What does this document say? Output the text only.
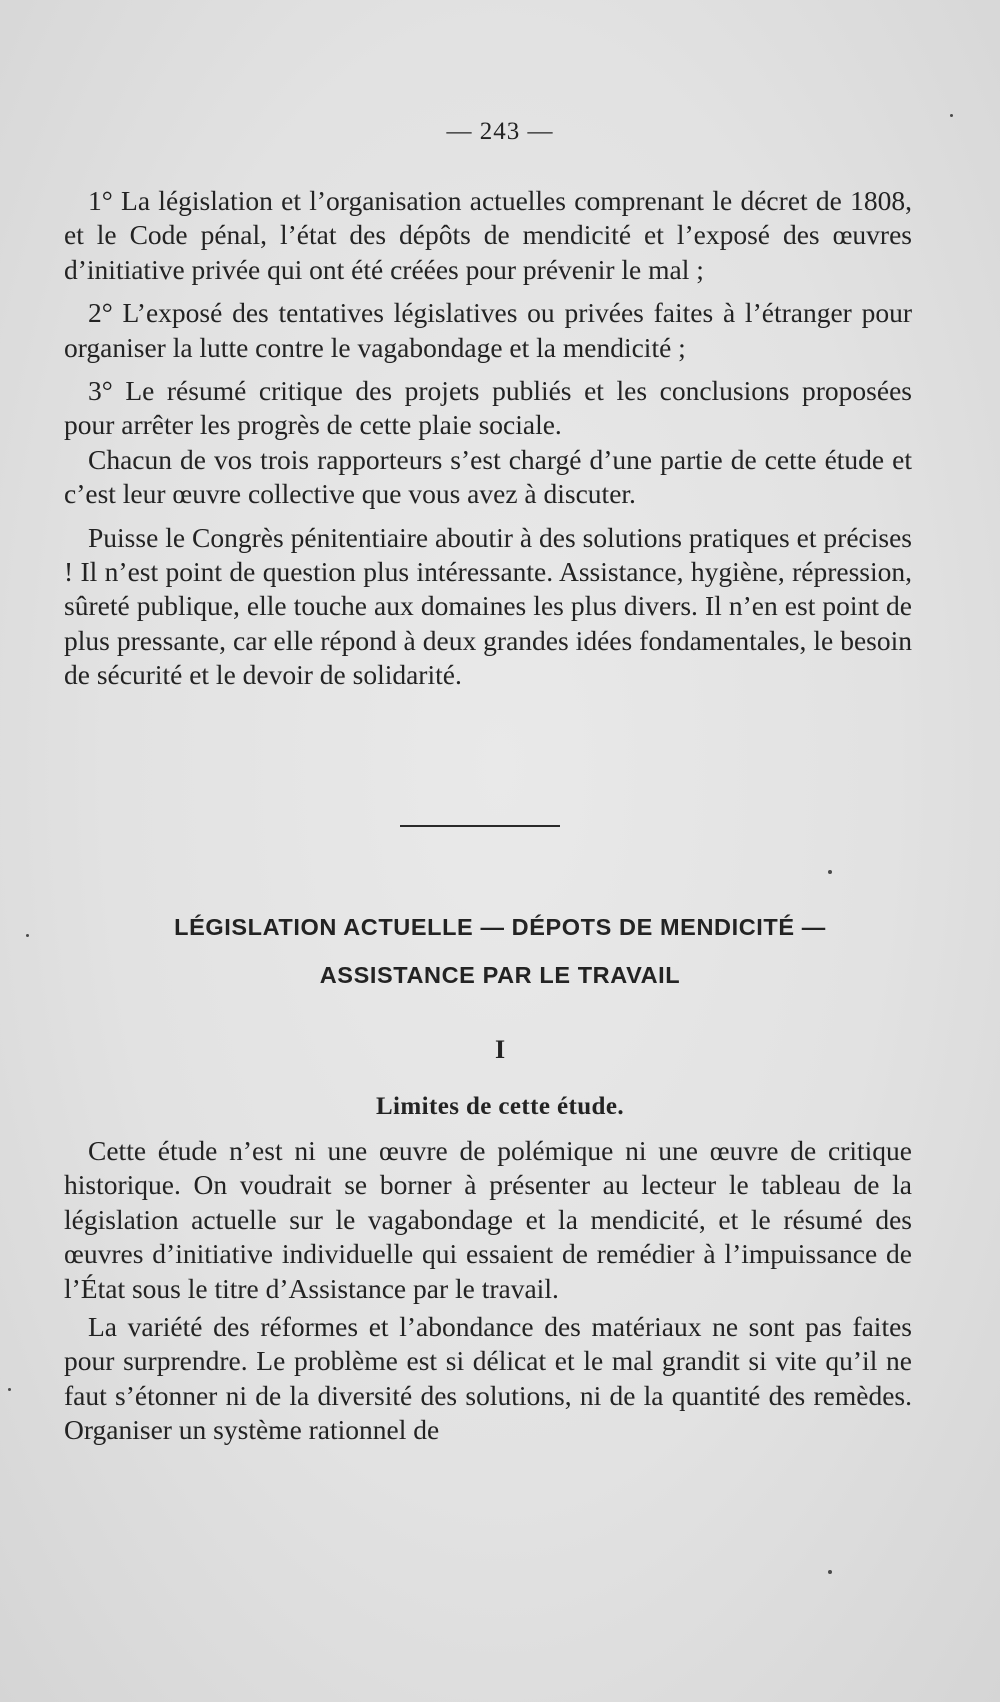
— 243 —

1° La législation et l’organisation actuelles comprenant le décret de 1808, et le Code pénal, l’état des dépôts de mendicité et l’exposé des œuvres d’initiative privée qui ont été créées pour prévenir le mal ;

2° L’exposé des tentatives législatives ou privées faites à l’étranger pour organiser la lutte contre le vagabondage et la mendicité ;

3° Le résumé critique des projets publiés et les conclusions proposées pour arrêter les progrès de cette plaie sociale.

Chacun de vos trois rapporteurs s’est chargé d’une partie de cette étude et c’est leur œuvre collective que vous avez à discuter.

Puisse le Congrès pénitentiaire aboutir à des solutions pratiques et précises ! Il n’est point de question plus intéressante. Assistance, hygiène, répression, sûreté publique, elle touche aux domaines les plus divers. Il n’en est point de plus pressante, car elle répond à deux grandes idées fondamentales, le besoin de sécurité et le devoir de solidarité.

LÉGISLATION ACTUELLE — DÉPOTS DE MENDICITÉ —
ASSISTANCE PAR LE TRAVAIL
I
Limites de cette étude.

Cette étude n’est ni une œuvre de polémique ni une œuvre de critique historique. On voudrait se borner à présenter au lecteur le tableau de la législation actuelle sur le vagabondage et la mendicité, et le résumé des œuvres d’initiative individuelle qui essaient de remédier à l’impuissance de l’État sous le titre d’Assistance par le travail.

La variété des réformes et l’abondance des matériaux ne sont pas faites pour surprendre. Le problème est si délicat et le mal grandit si vite qu’il ne faut s’étonner ni de la diversité des solutions, ni de la quantité des remèdes. Organiser un système rationnel de
